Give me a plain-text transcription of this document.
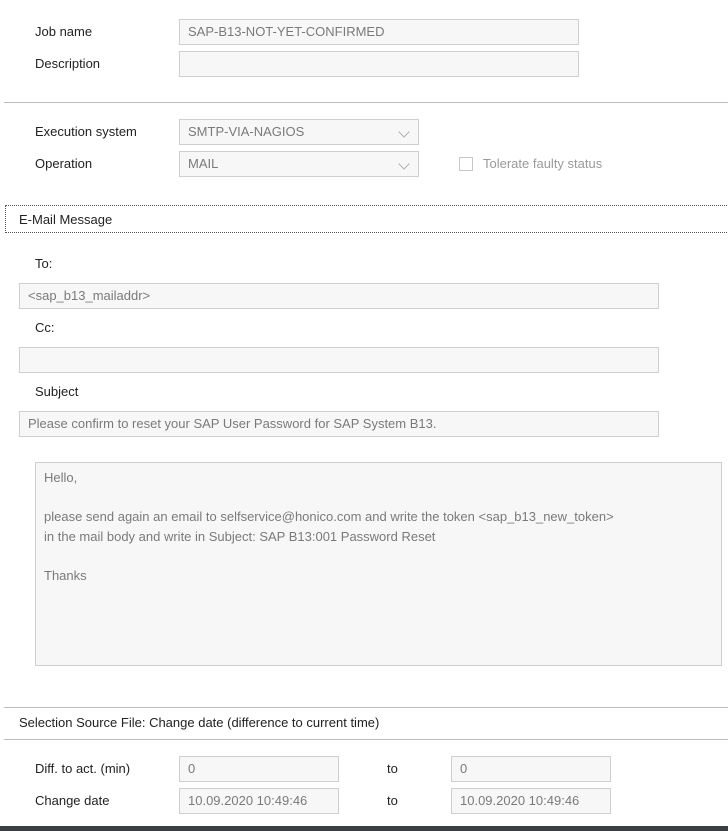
Job name	SAP-B13-NOT-YET-CONFIRMED
Description
Execution system	SMTP-VIA-NAGIOS
Operation	MAIL	Tolerate faulty status
E-Mail Message
To:
<sap_b13_mailaddr>
Cc:
Subject
Please confirm to reset your SAP User Password for SAP System B13.
Hello,
please send again an email to selfservice@honico.com and write the token <sap_b13_new_token>
in the mail body and write in Subject: SAP B13:001 Password Reset
Thanks
Selection Source File: Change date (difference to current time)
Diff. to act. (min)	0	to	0
Change date	10.09.2020 10:49:46	to	10.09.2020 10:49:46
